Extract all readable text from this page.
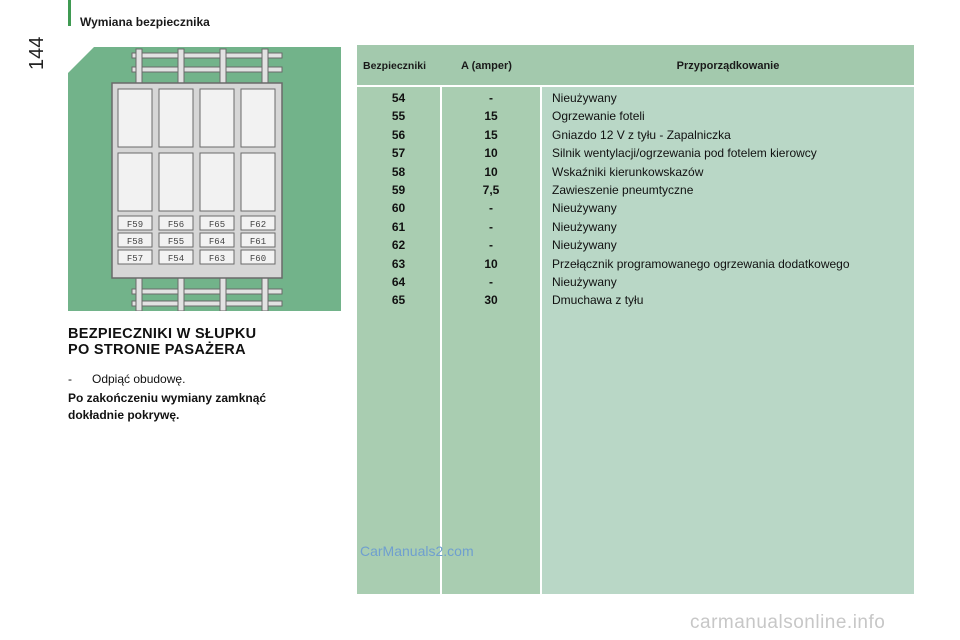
Wymiana bezpiecznika
144
F59	F56	F65	F62
F58	F55	F64	F61
F57	F54	F63	F60
BEZPIECZNIKI W SŁUPKU
PO STRONIE PASAŻERA
- Odpiąć obudowę.
Po zakończeniu wymiany zamknąć dokładnie pokrywę.
Bezpieczniki	A (amper)	Przyporządkowanie
54	-	Nieużywany
55	15	Ogrzewanie foteli
56	15	Gniazdo 12 V z tyłu - Zapalniczka
57	10	Silnik wentylacji/ogrzewania pod fotelem kierowcy
58	10	Wskaźniki kierunkowskazów
59	7,5	Zawieszenie pneumtyczne
60	-	Nieużywany
61	-	Nieużywany
62	-	Nieużywany
63	10	Przełącznik programowanego ogrzewania dodatkowego
64	-	Nieużywany
65	30	Dmuchawa z tyłu
CarManuals2.com
carmanualsonline.info
